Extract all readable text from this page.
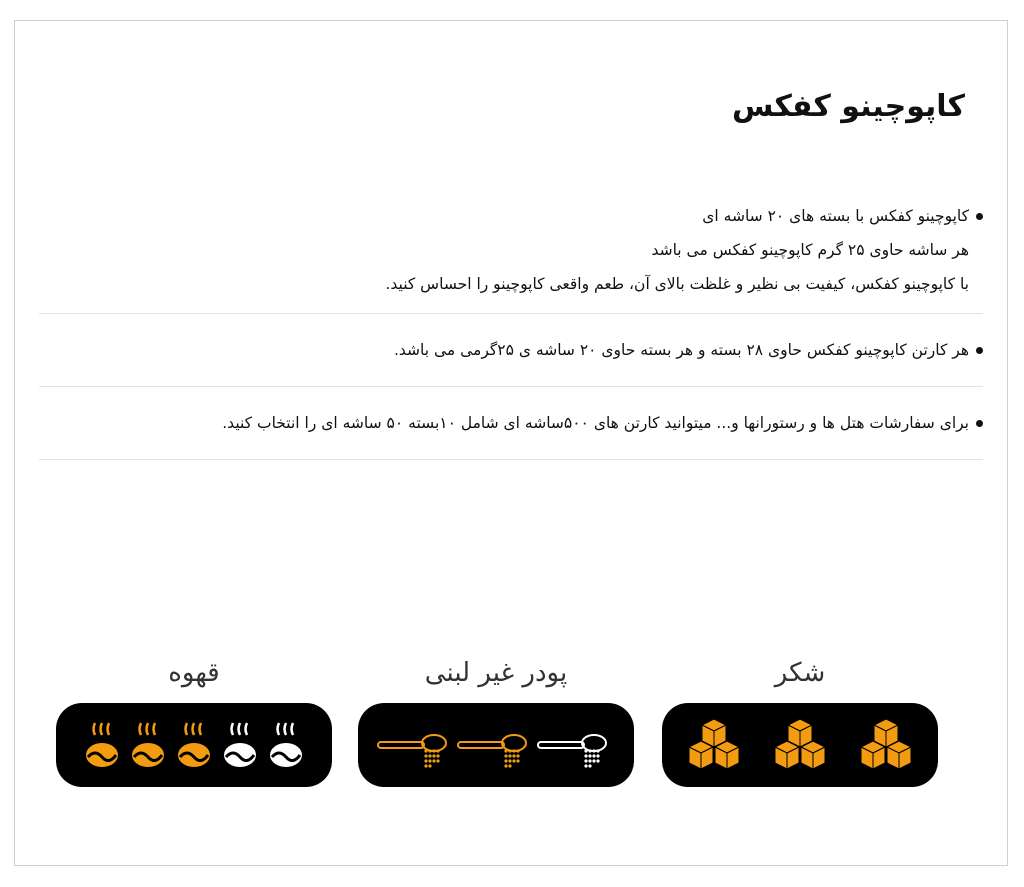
کاپوچینو کفکس
کاپوچینو کفکس با بسته های ۲۰ ساشه ای
هر ساشه حاوی ۲۵ گرم کاپوچینو کفکس می باشد
با کاپوچینو کفکس، کیفیت بی نظیر و غلظت بالای آن، طعم واقعی کاپوچینو را احساس کنید.
هر کارتن کاپوچینو کفکس حاوی ۲۸ بسته و هر بسته حاوی ۲۰ ساشه ی ۲۵گرمی می باشد.
برای سفارشات هتل ها و رستورانها و... میتوانید کارتن های ۵۰۰ساشه ای شامل ۱۰بسته ۵۰ ساشه ای را انتخاب کنید.
شکر
پودر غیر لبنی
قهوه
